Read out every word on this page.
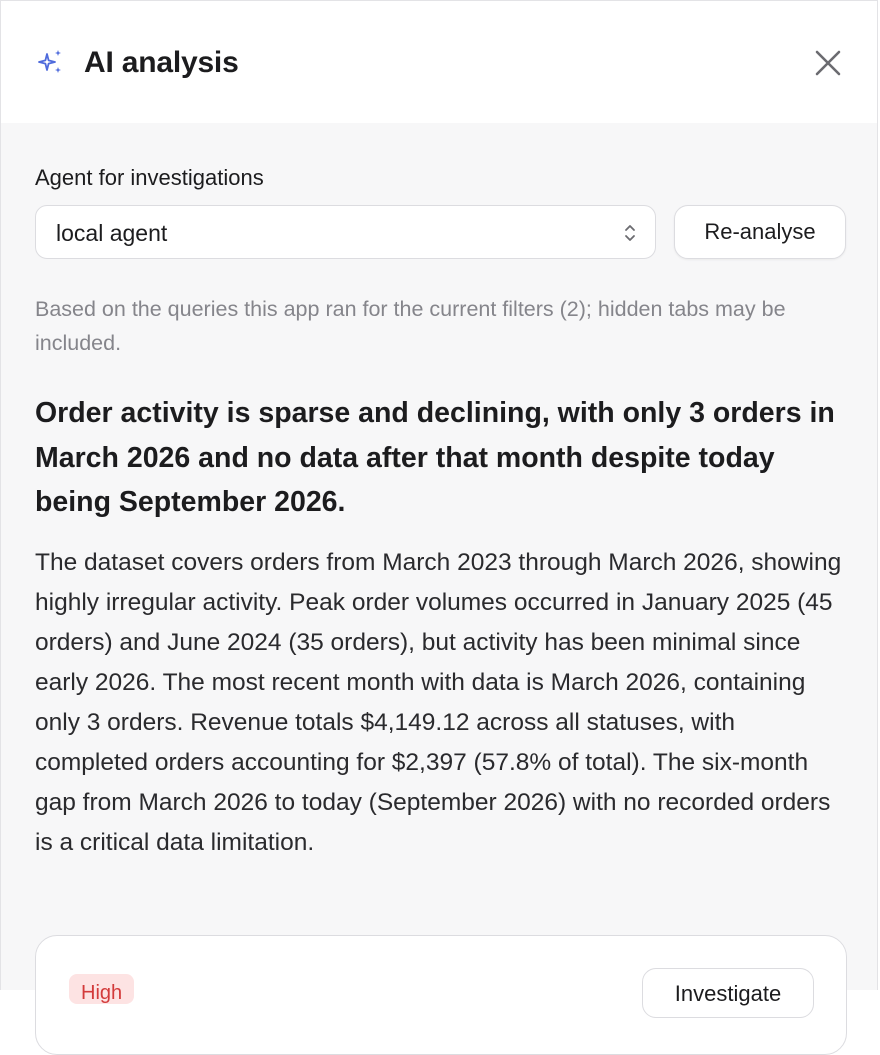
AI analysis
Agent for investigations
local agent	Re-analyse

Based on the queries this app ran for the current filters (2); hidden tabs may be included.

Order activity is sparse and declining, with only 3 orders in March 2026 and no data after that month despite today being September 2026.

The dataset covers orders from March 2023 through March 2026, showing highly irregular activity. Peak order volumes occurred in January 2025 (45 orders) and June 2024 (35 orders), but activity has been minimal since early 2026. The most recent month with data is March 2026, containing only 3 orders. Revenue totals $4,149.12 across all statuses, with completed orders accounting for $2,397 (57.8% of total). The six-month gap from March 2026 to today (September 2026) with no recorded orders is a critical data limitation.

High	Investigate
